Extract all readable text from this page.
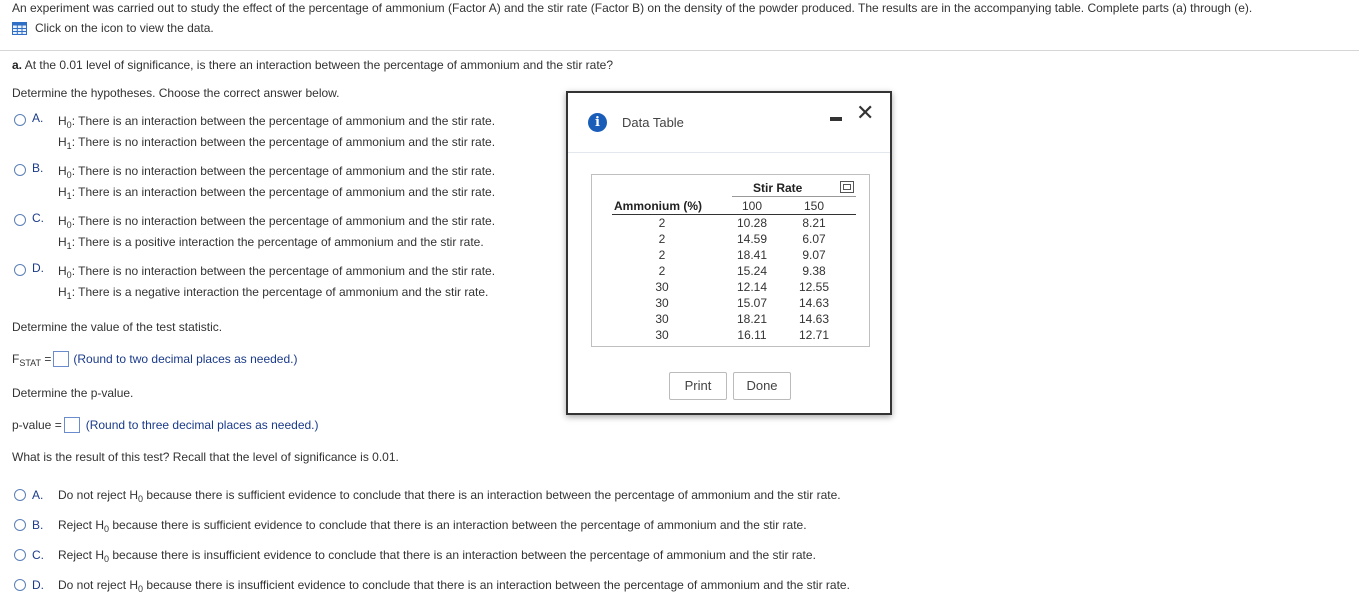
An experiment was carried out to study the effect of the percentage of ammonium (Factor A) and the stir rate (Factor B) on the density of the powder produced. The results are in the accompanying table. Complete parts (a) through (e).
Click on the icon to view the data.
a. At the 0.01 level of significance, is there an interaction between the percentage of ammonium and the stir rate?
Determine the hypotheses. Choose the correct answer below.
A.	$H_0$: There is an interaction between the percentage of ammonium and the stir rate.
$H_1$: There is no interaction between the percentage of ammonium and the stir rate.
B.	$H_0$: There is no interaction between the percentage of ammonium and the stir rate.
$H_1$: There is an interaction between the percentage of ammonium and the stir rate.
C.	$H_0$: There is no interaction between the percentage of ammonium and the stir rate.
$H_1$: There is a positive interaction the percentage of ammonium and the stir rate.
D.	$H_0$: There is no interaction between the percentage of ammonium and the stir rate.
$H_1$: There is a negative interaction the percentage of ammonium and the stir rate.
Determine the value of the test statistic.
$F_{STAT}$ = (Round to two decimal places as needed.)
Determine the p-value.
p-value = (Round to three decimal places as needed.)
What is the result of this test? Recall that the level of significance is 0.01.
A.	Do not reject $H_0$ because there is sufficient evidence to conclude that there is an interaction between the percentage of ammonium and the stir rate.
B.	Reject $H_0$ because there is sufficient evidence to conclude that there is an interaction between the percentage of ammonium and the stir rate.
C.	Reject $H_0$ because there is insufficient evidence to conclude that there is an interaction between the percentage of ammonium and the stir rate.
D.	Do not reject $H_0$ because there is insufficient evidence to conclude that there is an interaction between the percentage of ammonium and the stir rate.
i	Data Table	✕
Stir Rate
Ammonium (%)	100	150
2	10.28	8.21
2	14.59	6.07
2	18.41	9.07
2	15.24	9.38
30	12.14	12.55
30	15.07	14.63
30	18.21	14.63
30	16.11	12.71
Print	Done
